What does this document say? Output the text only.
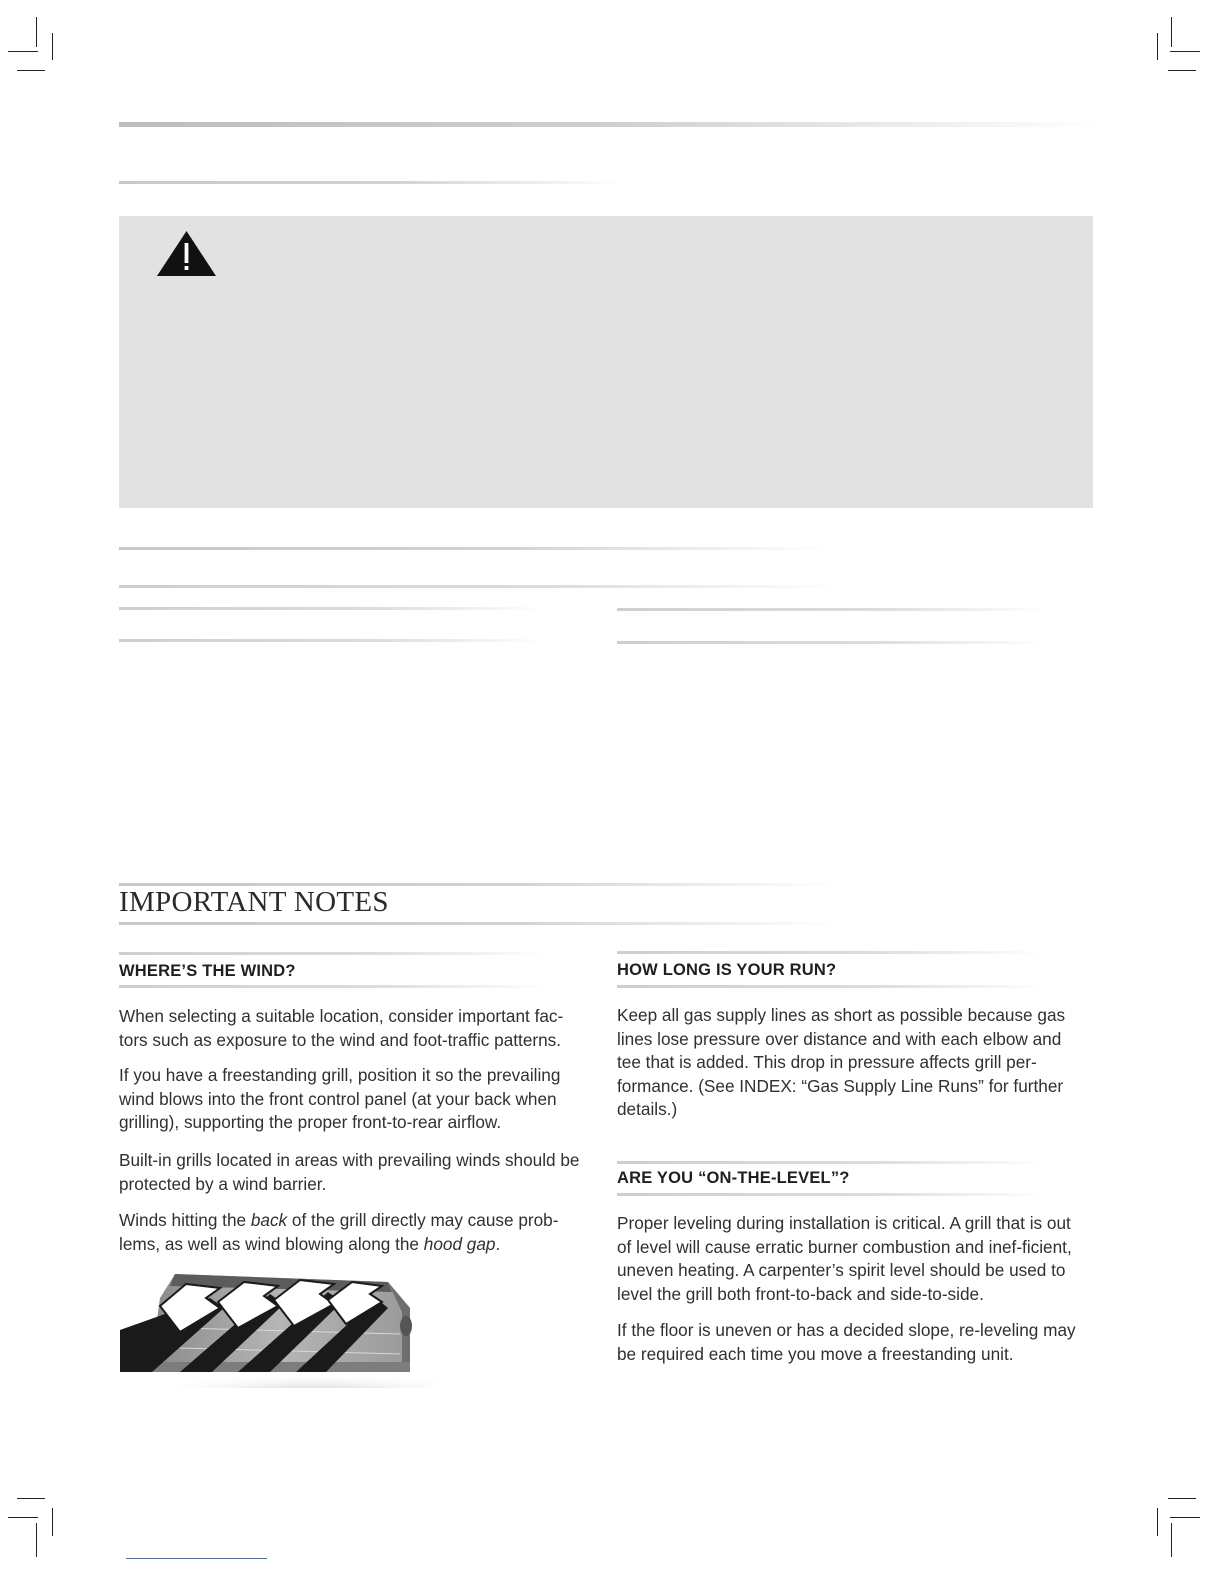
IMPORTANT NOTES
WHERE’S THE WIND?

When selecting a suitable location, consider important fac-tors such as exposure to the wind and foot-traffic patterns.

If you have a freestanding grill, position it so the prevailing wind blows into the front control panel (at your back when grilling), supporting the proper front-to-rear airflow.

Built-in grills located in areas with prevailing winds should be protected by a wind barrier.

Winds hitting the back of the grill directly may cause prob-lems, as well as wind blowing along the hood gap.

HOW LONG IS YOUR RUN?

Keep all gas supply lines as short as possible because gas lines lose pressure over distance and with each elbow and tee that is added. This drop in pressure affects grill per-formance. (See INDEX: “Gas Supply Line Runs” for further details.)

ARE YOU “ON-THE-LEVEL”?

Proper leveling during installation is critical. A grill that is out of level will cause erratic burner combustion and inef-ficient, uneven heating. A carpenter’s spirit level should be used to level the grill both front-to-back and side-to-side.

If the floor is uneven or has a decided slope, re-leveling may be required each time you move a freestanding unit.
